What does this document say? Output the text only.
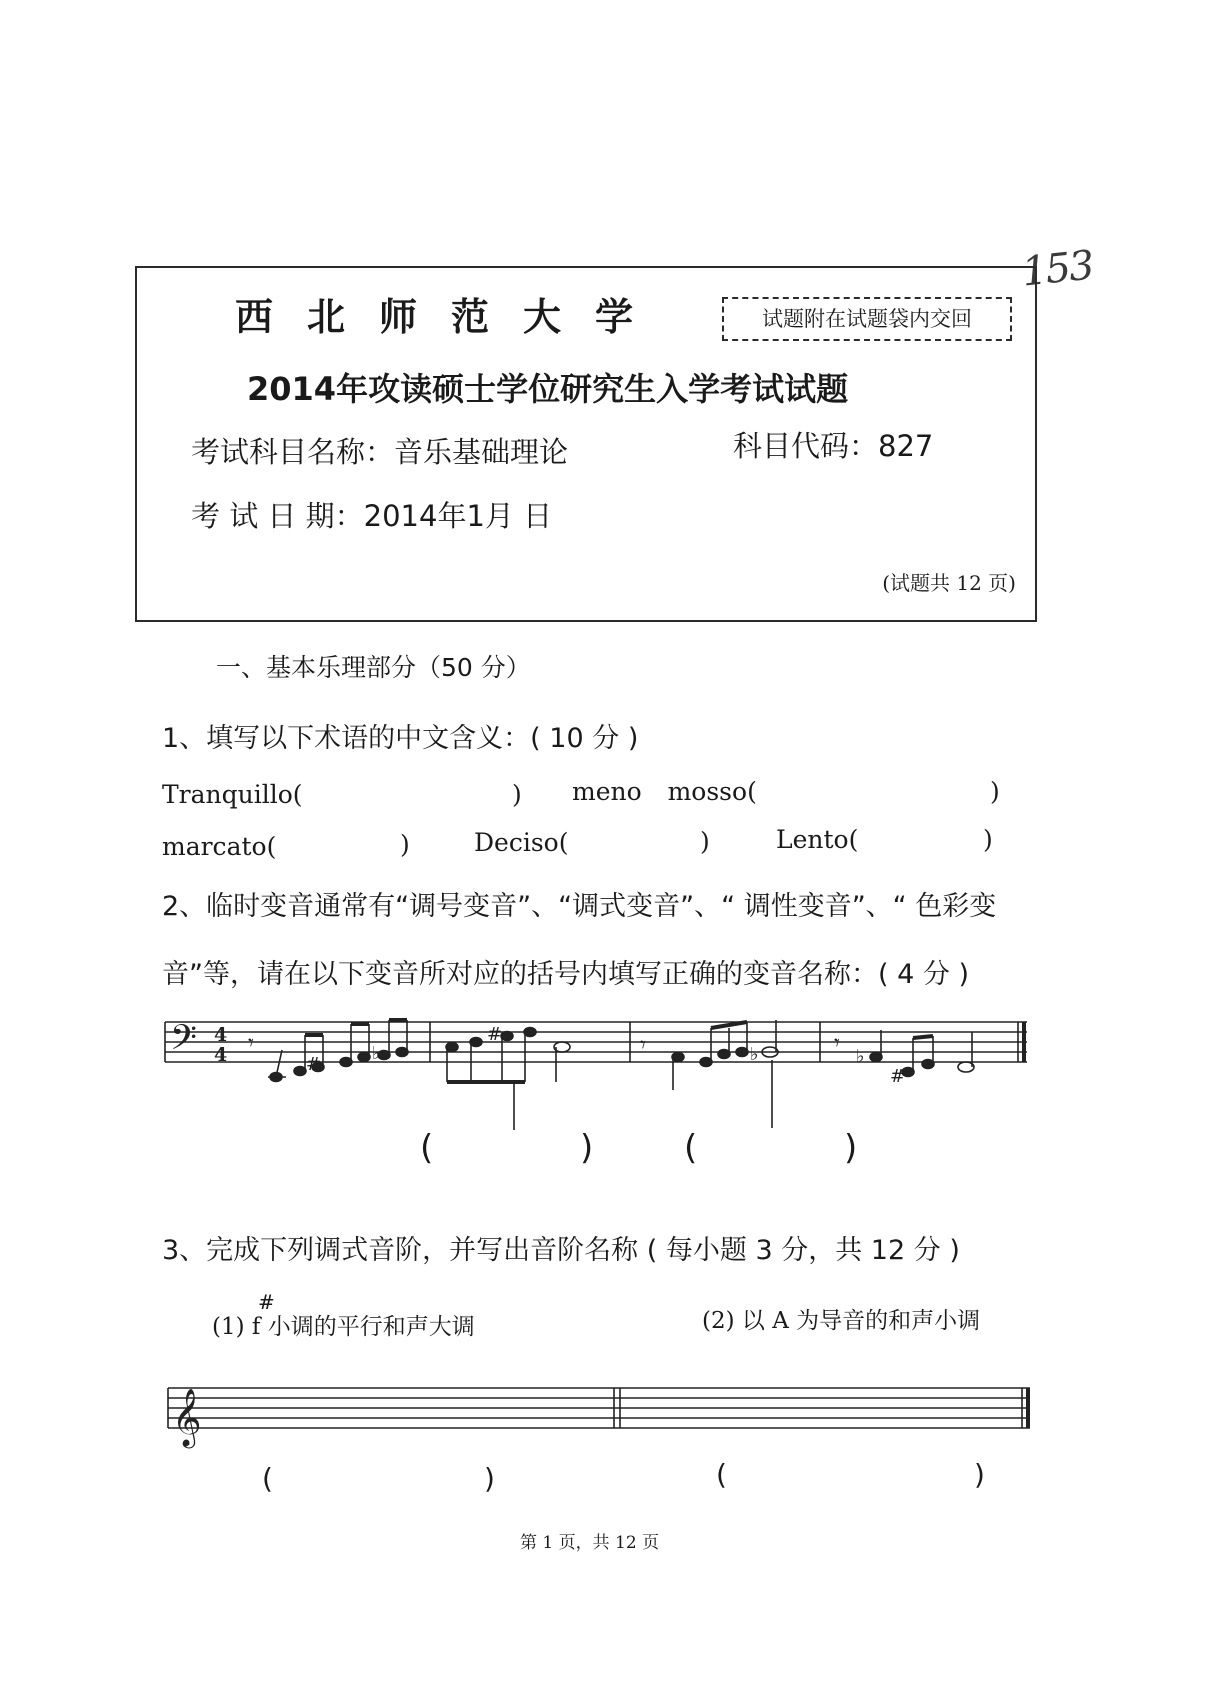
153
西北师范大学	试题附在试题袋内交回
2014年攻读硕士学位研究生入学考试试题
考试科目名称：音乐基础理论	科目代码：827
考 试 日 期：2014年1月 日
(试题共 12 页)
一、基本乐理部分（50 分）
1、填写以下术语的中文含义：( 10 分 )
Tranquillo(	) meno mosso(	)
marcato(	)	Deciso(	)	Lento(	)
2、临时变音通常有“调号变音”、“调式变音”、“ 调性变音”、“ 色彩变
音”等，请在以下变音所对应的括号内填写正确的变音名称：( 4 分 )
𝄢 4
4 𝄾
#
♭
#	𝄾	♭	𝄾
♭
#
𝄞
(	)	(	)
3、完成下列调式音阶，并写出音阶名称 ( 每小题 3 分，共 12 分 )
#
(1) f 小调的平行和声大调	(2) 以 A 为导音的和声小调
(	)	(	)
第 1 页，共 12 页
